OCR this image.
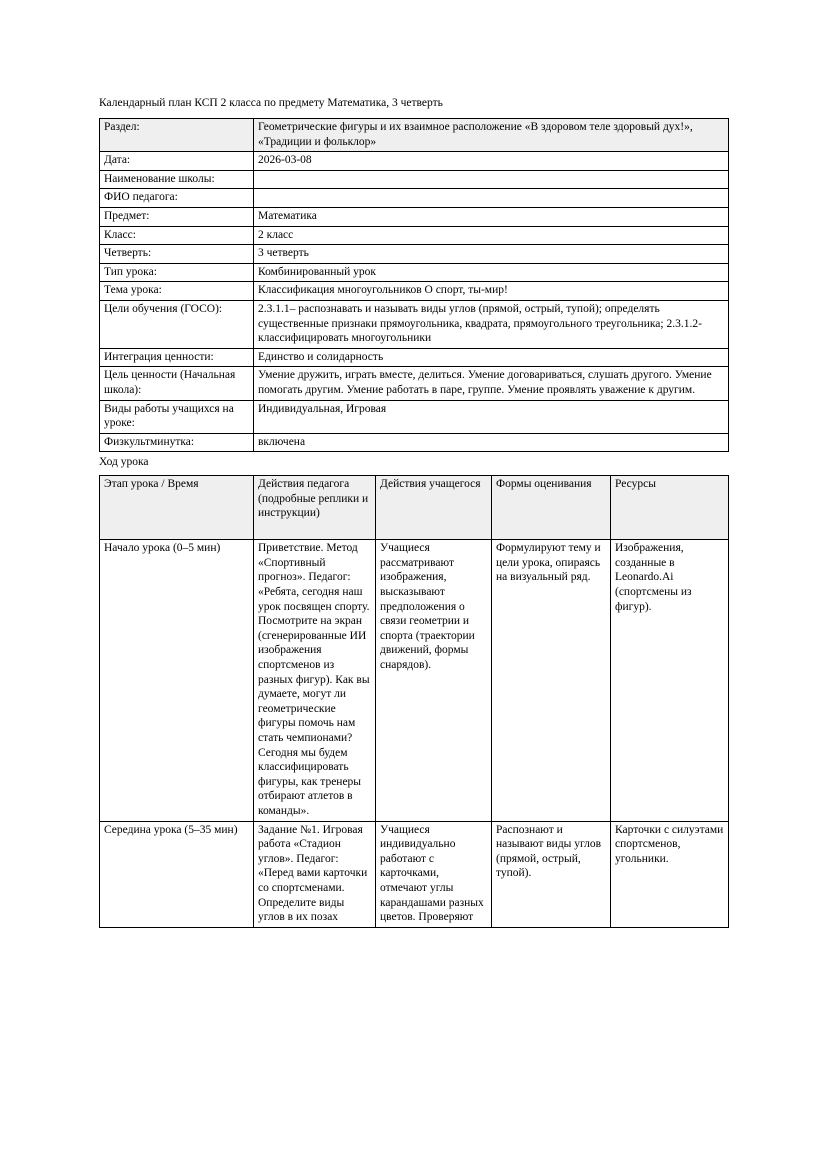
Календарный план КСП 2 класса по предмету Математика, 3 четверть

Раздел:	Геометрические фигуры и их взаимное расположение «В здоровом теле здоровый дух!», «Традиции и фольклор»
Дата:	2026-03-08
Наименование школы:	
ФИО педагога:	
Предмет:	Математика
Класс:	2 класс
Четверть:	3 четверть
Тип урока:	Комбинированный урок
Тема урока:	Классификация многоугольников О спорт, ты-мир!
Цели обучения (ГОСО):	2.3.1.1– распознавать и называть виды углов (прямой, острый, тупой); определять существенные признаки прямоугольника, квадрата, прямоугольного треугольника; 2.3.1.2- классифицировать многоугольники
Интеграция ценности:	Единство и солидарность
Цель ценности (Начальная школа):	Умение дружить, играть вместе, делиться. Умение договариваться, слушать другого. Умение помогать другим. Умение работать в паре, группе. Умение проявлять уважение к другим.
Виды работы учащихся на уроке:	Индивидуальная, Игровая
Физкультминутка:	включена

Ход урока

Этап урока / Время	Действия педагога (подробные реплики и инструкции)	Действия учащегося	Формы оценивания	Ресурсы
Начало урока (0–5 мин)	Приветствие. Метод «Спортивный прогноз». Педагог: «Ребята, сегодня наш урок посвящен спорту. Посмотрите на экран (сгенерированные ИИ изображения спортсменов из разных фигур). Как вы думаете, могут ли геометрические фигуры помочь нам стать чемпионами? Сегодня мы будем классифицировать фигуры, как тренеры отбирают атлетов в команды».	Учащиеся рассматривают изображения, высказывают предположения о связи геометрии и спорта (траектории движений, формы снарядов).	Формулируют тему и цели урока, опираясь на визуальный ряд.	Изображения, созданные в Leonardo.Ai (спортсмены из фигур).
Середина урока (5–35 мин)	Задание №1. Игровая работа «Стадион углов». Педагог: «Перед вами карточки со спортсменами. Определите виды углов в их позах	Учащиеся индивидуально работают с карточками, отмечают углы карандашами разных цветов. Проверяют	Распознают и называют виды углов (прямой, острый, тупой).	Карточки с силуэтами спортсменов, угольники.
